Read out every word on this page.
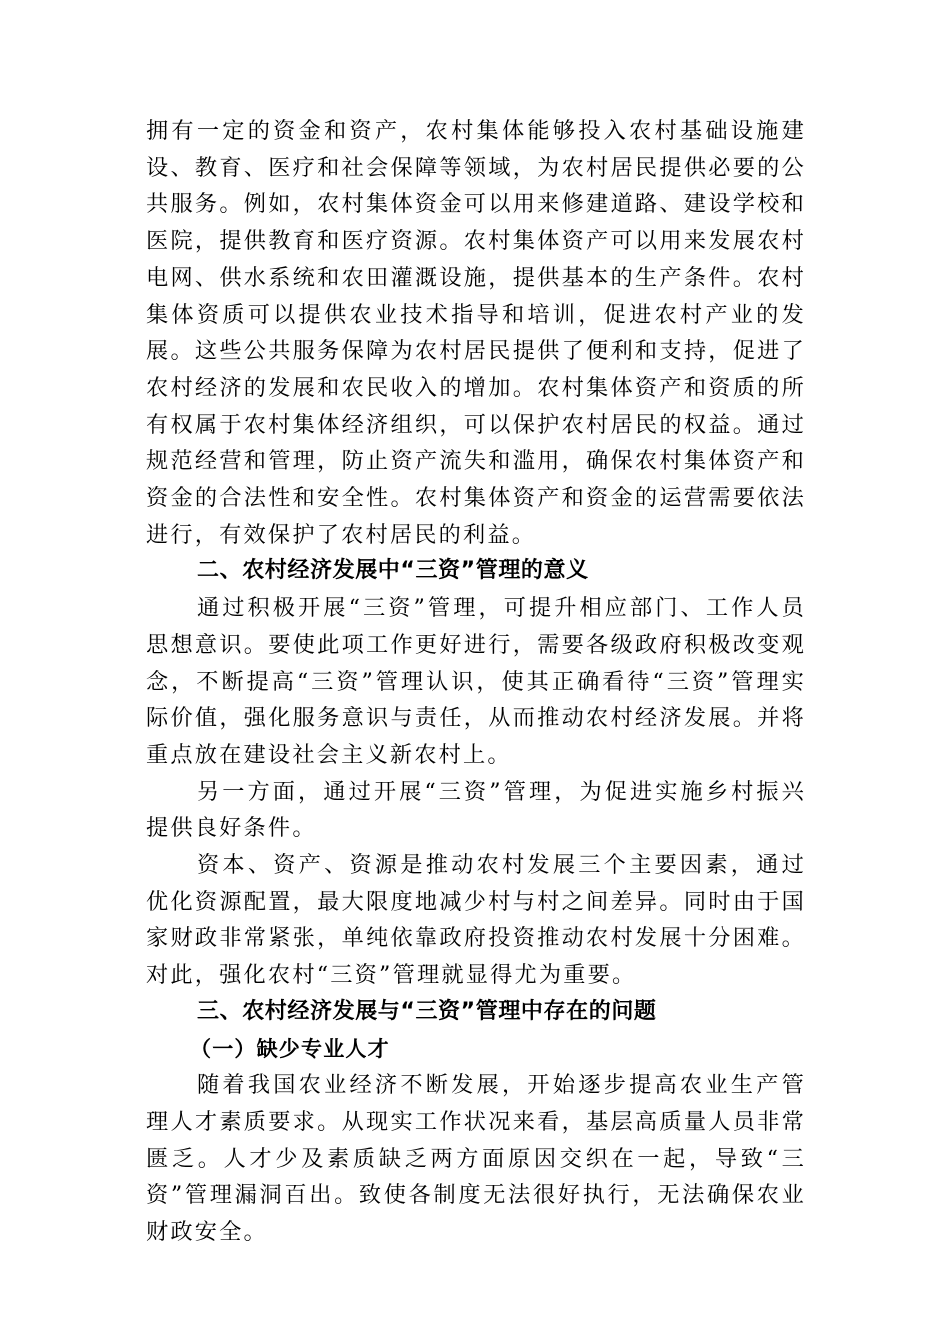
拥有一定的资金和资产，农村集体能够投入农村基础设施建设、教育、医疗和社会保障等领域，为农村居民提供必要的公共服务。例如，农村集体资金可以用来修建道路、建设学校和医院，提供教育和医疗资源。农村集体资产可以用来发展农村电网、供水系统和农田灌溉设施，提供基本的生产条件。农村集体资质可以提供农业技术指导和培训，促进农村产业的发展。这些公共服务保障为农村居民提供了便利和支持，促进了农村经济的发展和农民收入的增加。农村集体资产和资质的所有权属于农村集体经济组织，可以保护农村居民的权益。通过规范经营和管理，防止资产流失和滥用，确保农村集体资产和资金的合法性和安全性。农村集体资产和资金的运营需要依法进行，有效保护了农村居民的利益。

二、农村经济发展中“三资”管理的意义

通过积极开展“三资”管理，可提升相应部门、工作人员思想意识。要使此项工作更好进行，需要各级政府积极改变观念，不断提高“三资”管理认识，使其正确看待“三资”管理实际价值，强化服务意识与责任，从而推动农村经济发展。并将重点放在建设社会主义新农村上。

另一方面，通过开展“三资”管理，为促进实施乡村振兴提供良好条件。

资本、资产、资源是推动农村发展三个主要因素，通过优化资源配置，最大限度地减少村与村之间差异。同时由于国家财政非常紧张，单纯依靠政府投资推动农村发展十分困难。对此，强化农村“三资”管理就显得尤为重要。

三、农村经济发展与“三资”管理中存在的问题
（一）缺少专业人才

随着我国农业经济不断发展，开始逐步提高农业生产管理人才素质要求。从现实工作状况来看，基层高质量人员非常匮乏。人才少及素质缺乏两方面原因交织在一起，导致“三资”管理漏洞百出。致使各制度无法很好执行，无法确保农业财政安全。
